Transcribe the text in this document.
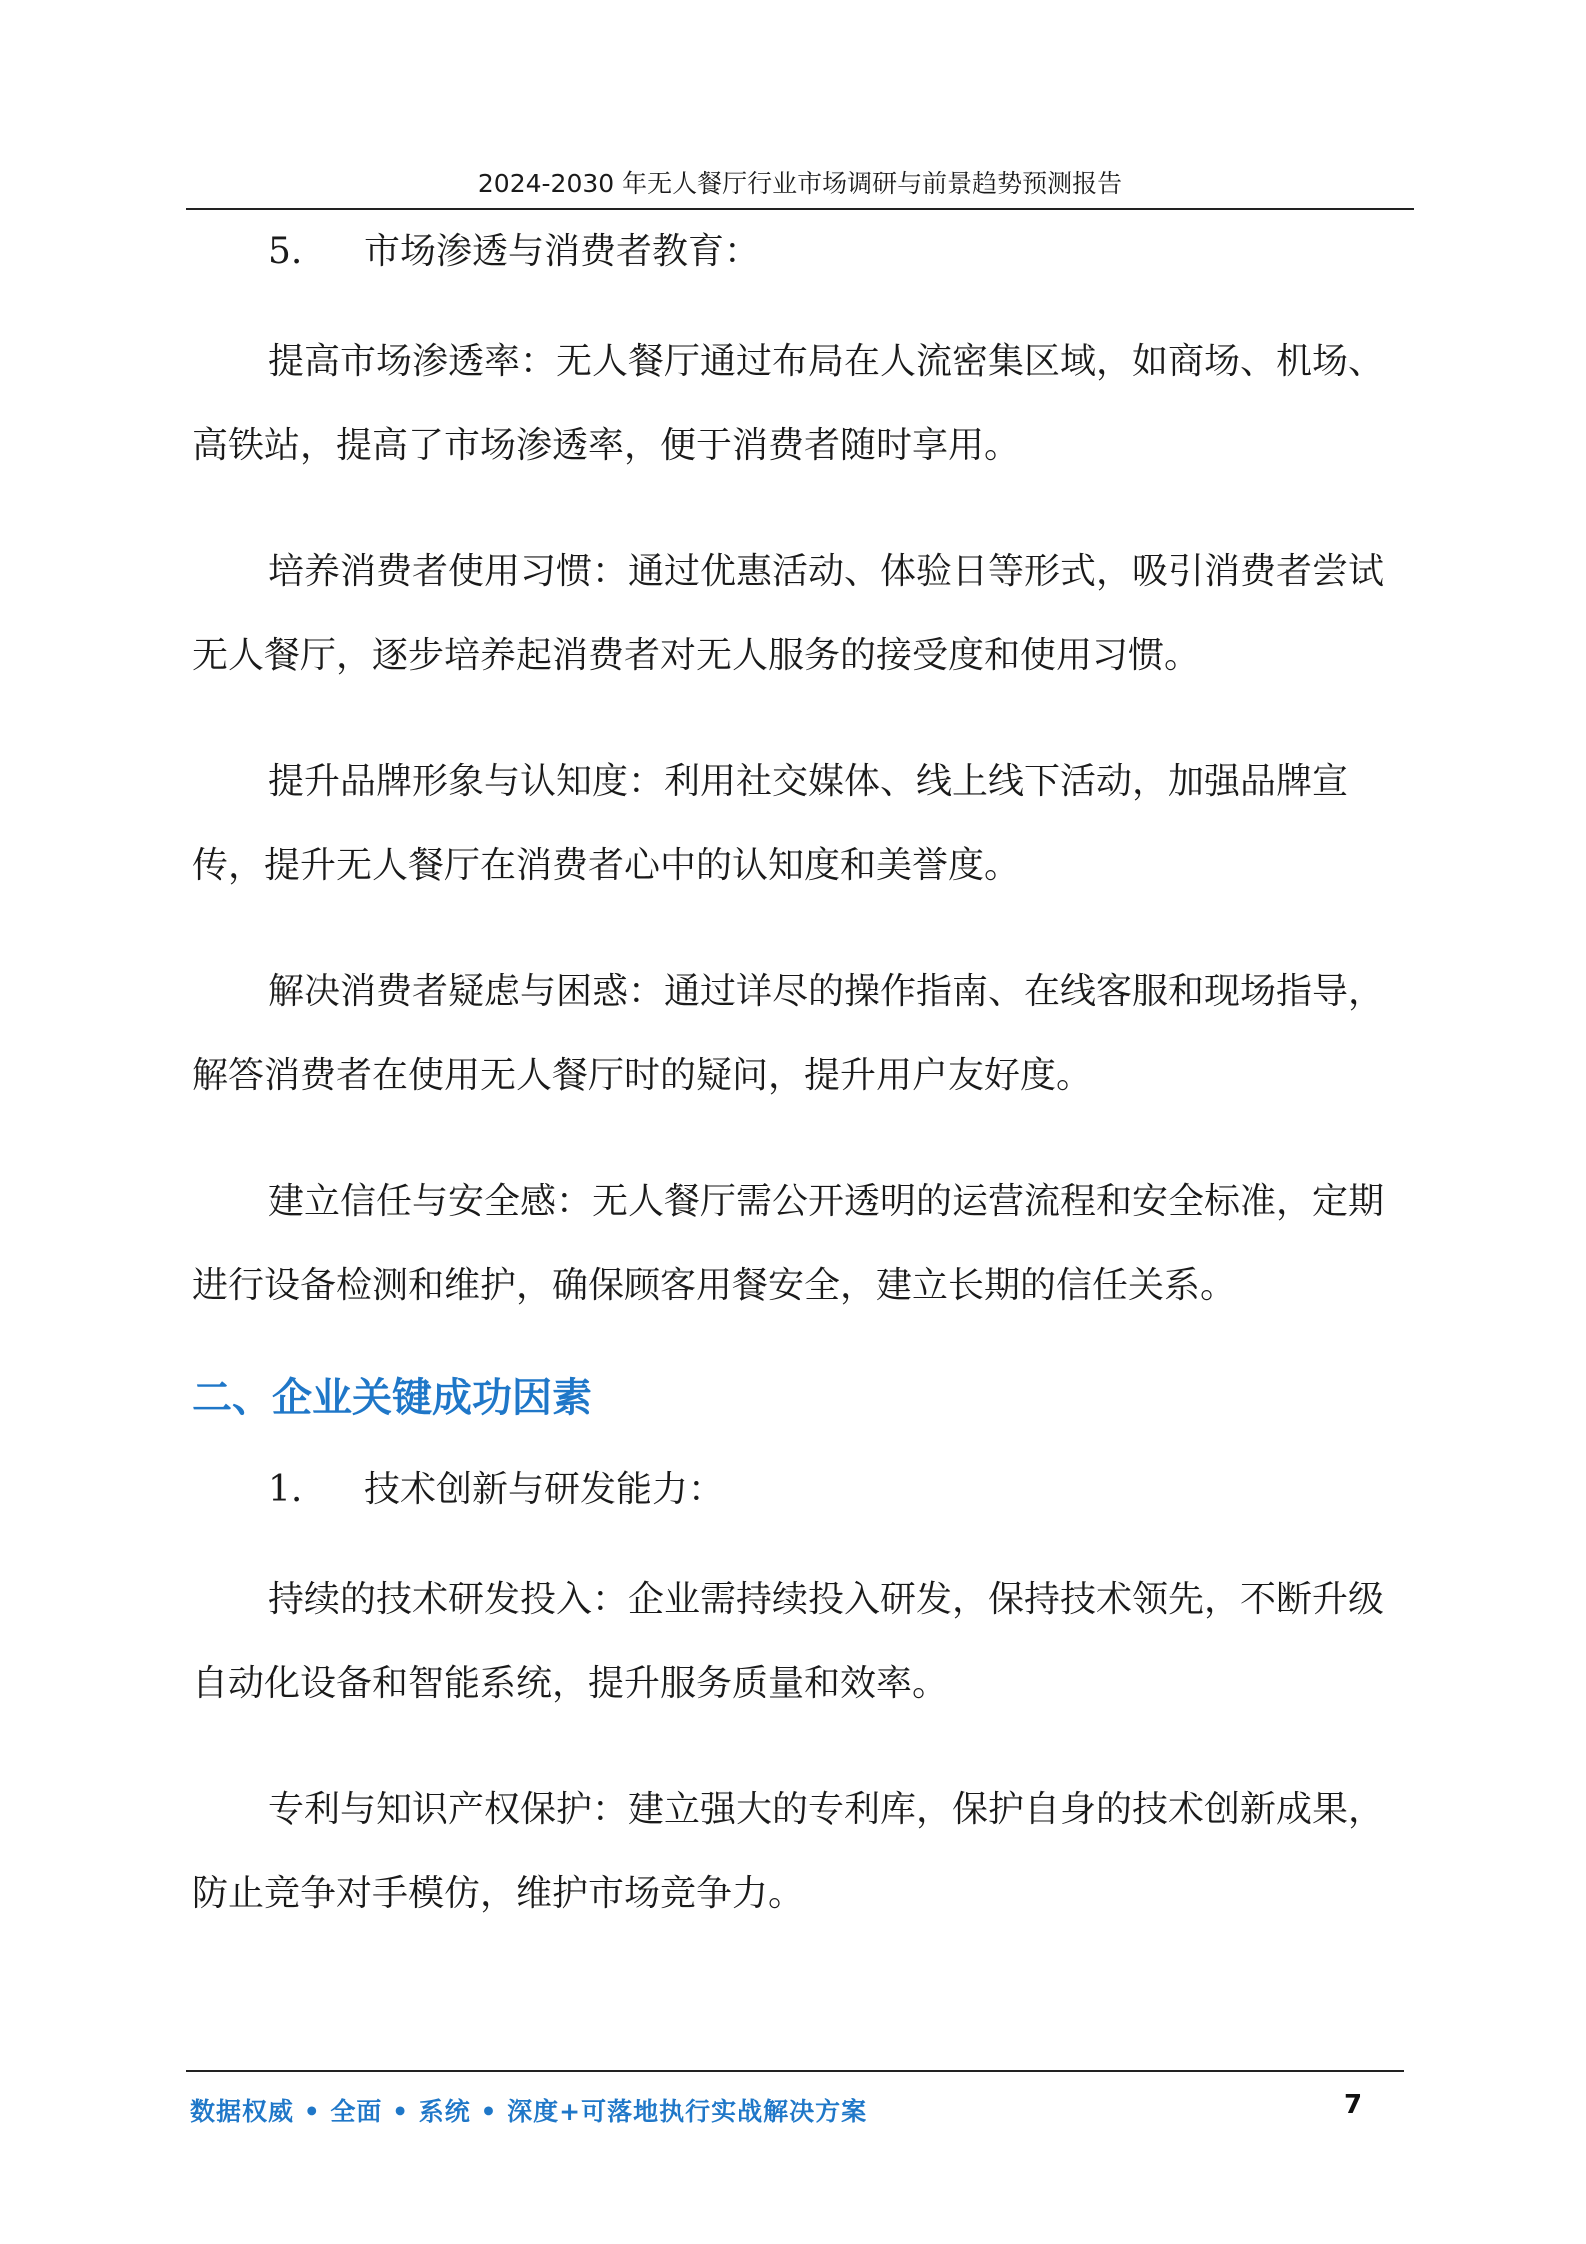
2024-2030 年无人餐厅行业市场调研与前景趋势预测报告
5. 市场渗透与消费者教育：

提高市场渗透率：无人餐厅通过布局在人流密集区域，如商场、机场、高铁站，提高了市场渗透率，便于消费者随时享用。

培养消费者使用习惯：通过优惠活动、体验日等形式，吸引消费者尝试无人餐厅，逐步培养起消费者对无人服务的接受度和使用习惯。

提升品牌形象与认知度：利用社交媒体、线上线下活动，加强品牌宣传，提升无人餐厅在消费者心中的认知度和美誉度。

解决消费者疑虑与困惑：通过详尽的操作指南、在线客服和现场指导，解答消费者在使用无人餐厅时的疑问，提升用户友好度。

建立信任与安全感：无人餐厅需公开透明的运营流程和安全标准，定期进行设备检测和维护，确保顾客用餐安全，建立长期的信任关系。

二、企业关键成功因素
1. 技术创新与研发能力：

持续的技术研发投入：企业需持续投入研发，保持技术领先，不断升级自动化设备和智能系统，提升服务质量和效率。

专利与知识产权保护：建立强大的专利库，保护自身的技术创新成果，防止竞争对手模仿，维护市场竞争力。

数据权威 • 全面 • 系统 • 深度+可落地执行实战解决方案	7
